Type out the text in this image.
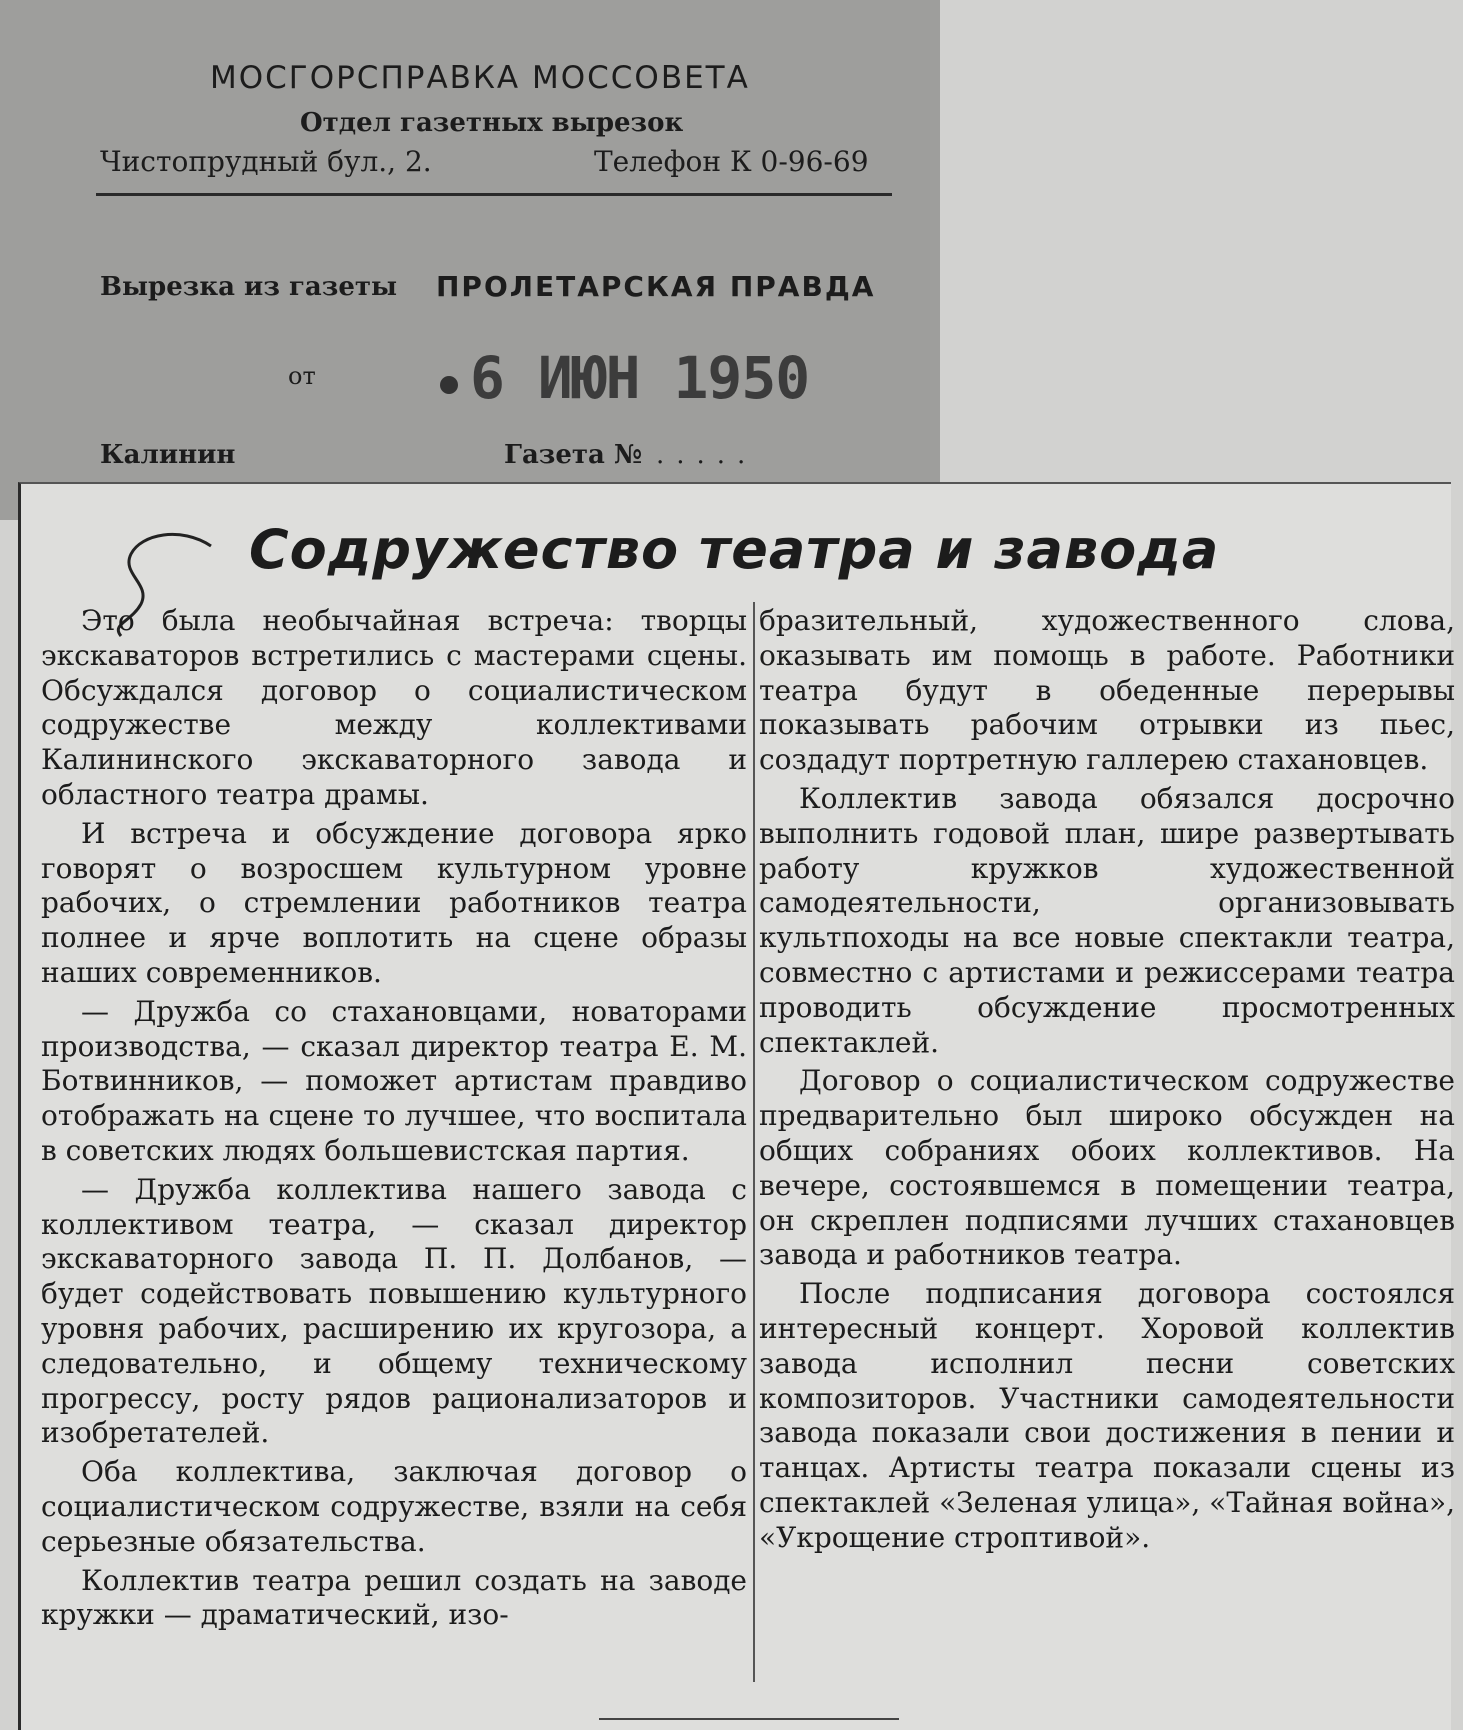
МОСГОРСПРАВКА МОССОВЕТА
Отдел газетных вырезок
Чистопрудный бул., 2.	Телефон К 0-96-69
Вырезка из газеты ПРОЛЕТАРСКАЯ ПРАВДА
от	6 ИЮН 1950
Калинин	Газета № .....
Содружество театра и завода

Это была необычайная встреча: творцы экскаваторов встретились с мастерами сцены. Обсуждался договор о социалистическом содружестве между коллективами Калининского экскаваторного завода и областного театра драмы.

И встреча и обсуждение договора ярко говорят о возросшем культурном уровне рабочих, о стремлении работников театра полнее и ярче воплотить на сцене образы наших современников.

— Дружба со стахановцами, новаторами производства, — сказал директор театра Е. М. Ботвинников, — поможет артистам правдиво отображать на сцене то лучшее, что воспитала в советских людях большевистская партия.

— Дружба коллектива нашего завода с коллективом театра, — сказал директор экскаваторного завода П. П. Долбанов, — будет содействовать повышению культурного уровня рабочих, расширению их кругозора, а следовательно, и общему техническому прогрессу, росту рядов рационализаторов и изобретателей.

Оба коллектива, заключая договор о социалистическом содружестве, взяли на себя серьезные обязательства.

Коллектив театра решил создать на заводе кружки — драматический, изо-

бразительный, художественного слова, оказывать им помощь в работе. Работники театра будут в обеденные перерывы показывать рабочим отрывки из пьес, создадут портретную галлерею стахановцев.

Коллектив завода обязался досрочно выполнить годовой план, шире развертывать работу кружков художественной самодеятельности, организовывать культпоходы на все новые спектакли театра, совместно с артистами и режиссерами театра проводить обсуждение просмотренных спектаклей.

Договор о социалистическом содружестве предварительно был широко обсужден на общих собраниях обоих коллективов. На вечере, состоявшемся в помещении театра, он скреплен подписями лучших стахановцев завода и работников театра.

После подписания договора состоялся интересный концерт. Хоровой коллектив завода исполнил песни советских композиторов. Участники самодеятельности завода показали свои достижения в пении и танцах. Артисты театра показали сцены из спектаклей «Зеленая улица», «Тайная война», «Укрощение строптивой».
